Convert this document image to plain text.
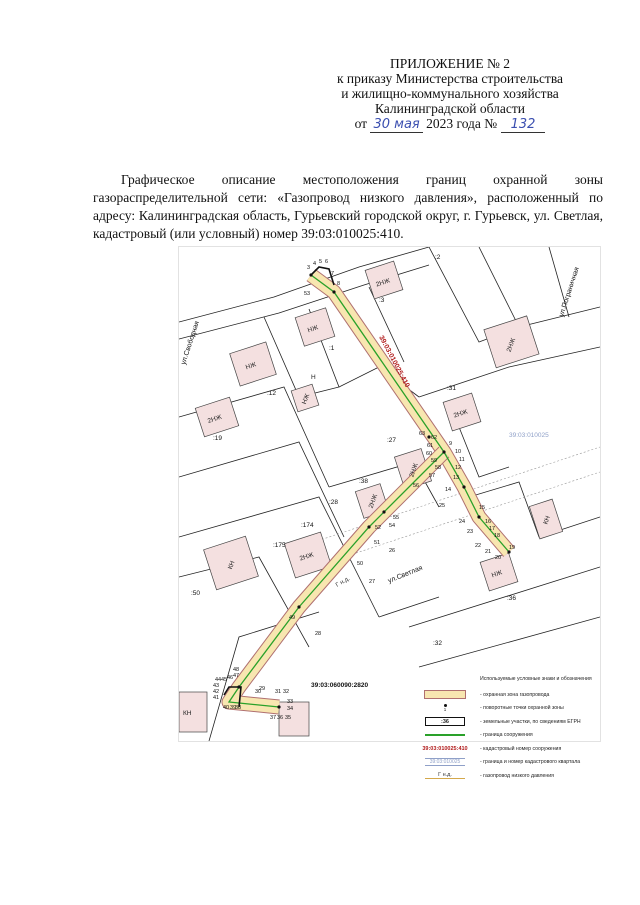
ПРИЛОЖЕНИЕ № 2
к приказу Министерства строительства
и жилищно-коммунального хозяйства
Калининградской области
от 30 мая 2023 года № 132

Графическое описание местоположения границ охранной зоны газораспределительной сети: «Газопровод низкого давления», расположенный по адресу: Калининградская область, Гурьевский городской округ, г. Гурьевск, ул. Светлая, кадастровый (или условный) номер 39:03:010025:410.

3
4 5 6
7
8
53
9
10
11
12
13
14
15
16
17
18
19
20
21
22
23
24
25
26
27
28
29
30	31 32
33
34
35
36
37
38
39
40
41
42
43
44 45 46 47
48
49
50
51
52 54
55
56
57
58
59
60
61
62
63
ул.Свободная
ул.Светлая
ул.Пограничная
:2
:3
:1
:12
:19
:31
:27
:38
:28
:174
:175
:50
:36
:32
2НЖ
НЖ
НЖ
2НЖ
НЖ
Н
2НЖ
2НЖ
2НЖ
2НЖ
2НЖ
КН
КН
НЖ
КН
39:03:010025:410
39:03:010025
39:03:060090:2820
Г н.д.
Используемые условные знаки и обозначения
- охранная зона газопровода
1	- поворотные точки охранной зоны
:36	- земельные участки, по сведениям ЕГРН
- граница сооружения
39:03:010025:410 - кадастровый номер сооружения
39:03:010025	- граница и номер кадастрового квартала
Г н.д.	- газопровод низкого давления
